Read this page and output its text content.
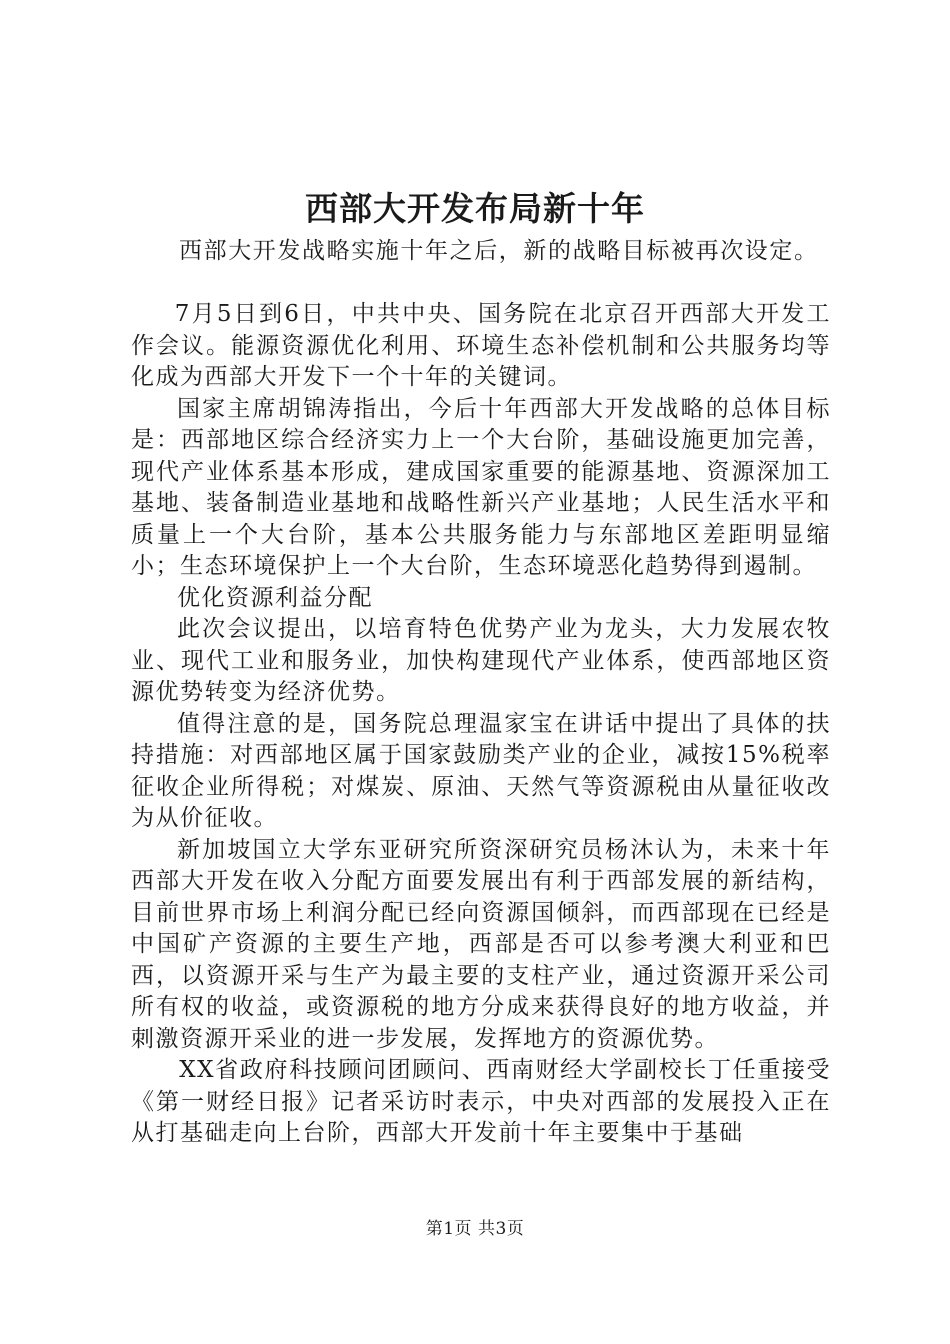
西部大开发布局新十年

西部大开发战略实施十年之后，新的战略目标被再次设定。

7月5日到6日，中共中央、国务院在北京召开西部大开发工作会议。能源资源优化利用、环境生态补偿机制和公共服务均等化成为西部大开发下一个十年的关键词。

国家主席胡锦涛指出，今后十年西部大开发战略的总体目标是：西部地区综合经济实力上一个大台阶，基础设施更加完善，现代产业体系基本形成，建成国家重要的能源基地、资源深加工基地、装备制造业基地和战略性新兴产业基地；人民生活水平和质量上一个大台阶，基本公共服务能力与东部地区差距明显缩小；生态环境保护上一个大台阶，生态环境恶化趋势得到遏制。

优化资源利益分配

此次会议提出，以培育特色优势产业为龙头，大力发展农牧业、现代工业和服务业，加快构建现代产业体系，使西部地区资源优势转变为经济优势。

值得注意的是，国务院总理温家宝在讲话中提出了具体的扶持措施：对西部地区属于国家鼓励类产业的企业，减按15%税率征收企业所得税；对煤炭、原油、天然气等资源税由从量征收改为从价征收。

新加坡国立大学东亚研究所资深研究员杨沐认为，未来十年西部大开发在收入分配方面要发展出有利于西部发展的新结构，目前世界市场上利润分配已经向资源国倾斜，而西部现在已经是中国矿产资源的主要生产地，西部是否可以参考澳大利亚和巴西，以资源开采与生产为最主要的支柱产业，通过资源开采公司所有权的收益，或资源税的地方分成来获得良好的地方收益，并刺激资源开采业的进一步发展，发挥地方的资源优势。

XX省政府科技顾问团顾问、西南财经大学副校长丁任重接受《第一财经日报》记者采访时表示，中央对西部的发展投入正在从打基础走向上台阶，西部大开发前十年主要集中于基础

第1页 共3页
